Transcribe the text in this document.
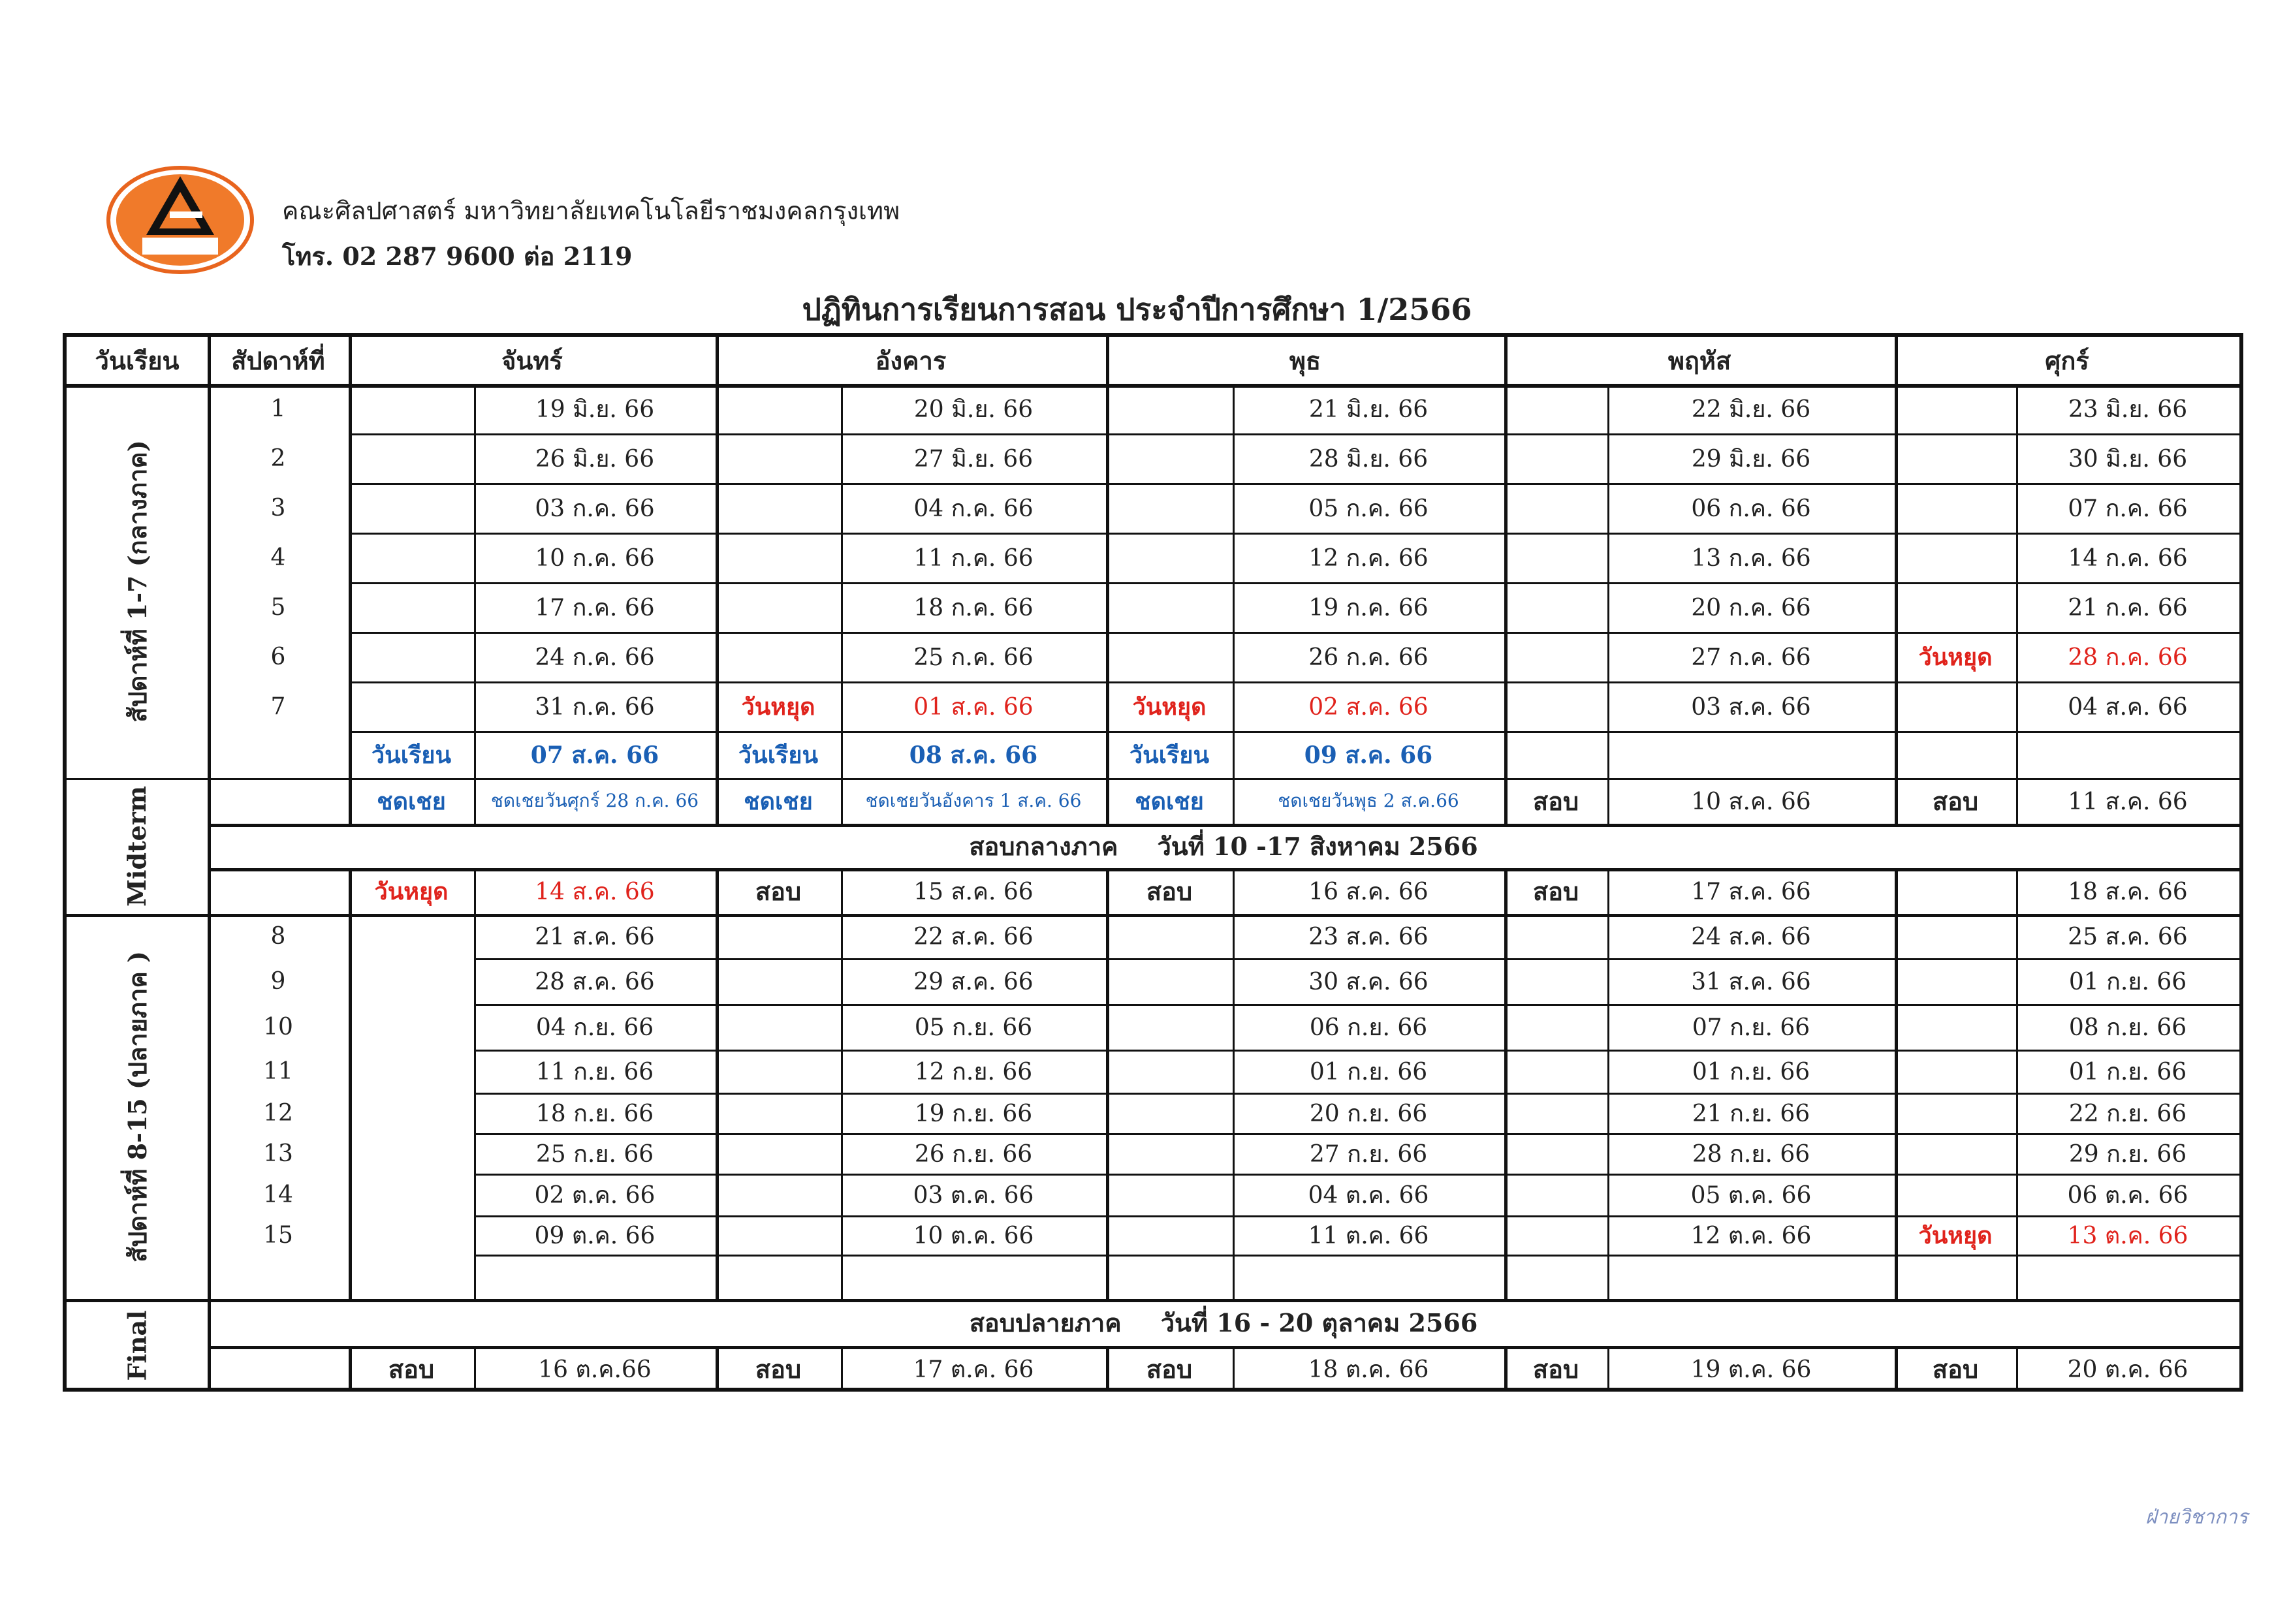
คณะศิลปศาสตร์ มหาวิทยาลัยเทคโนโลยีราชมงคลกรุงเทพ
โทร. 02 287 9600 ต่อ 2119
ปฏิทินการเรียนการสอน ประจำปีการศึกษา 1/2566
วันเรียน	สัปดาห์ที่	จันทร์	อังคาร	พุธ	พฤหัส	ศุกร์
1	19 มิ.ย. 66	20 มิ.ย. 66	21 มิ.ย. 66	22 มิ.ย. 66	23 มิ.ย. 66
2	26 มิ.ย. 66	27 มิ.ย. 66	28 มิ.ย. 66	29 มิ.ย. 66	30 มิ.ย. 66
3	03 ก.ค. 66	04 ก.ค. 66	05 ก.ค. 66	06 ก.ค. 66	07 ก.ค. 66
4	10 ก.ค. 66	11 ก.ค. 66	12 ก.ค. 66	13 ก.ค. 66	14 ก.ค. 66
5	17 ก.ค. 66	18 ก.ค. 66	19 ก.ค. 66	20 ก.ค. 66	21 ก.ค. 66
6	24 ก.ค. 66	25 ก.ค. 66	26 ก.ค. 66	27 ก.ค. 66	วันหยุด	28 ก.ค. 66
7	31 ก.ค. 66	วันหยุด	01 ส.ค. 66	วันหยุด	02 ส.ค. 66	03 ส.ค. 66	04 ส.ค. 66
วันเรียน	07 ส.ค. 66	วันเรียน	08 ส.ค. 66	วันเรียน	09 ส.ค. 66
ชดเชย	ชดเชยวันศุกร์ 28 ก.ค. 66	ชดเชย	ชดเชยวันอังคาร 1 ส.ค. 66	ชดเชย	ชดเชยวันพุธ 2 ส.ค.66	สอบ	10 ส.ค. 66	สอบ	11 ส.ค. 66
สอบกลางภาค วันที่ 10 -17 สิงหาคม 2566
วันหยุด	14 ส.ค. 66	สอบ	15 ส.ค. 66	สอบ	16 ส.ค. 66	สอบ	17 ส.ค. 66	18 ส.ค. 66
8	21 ส.ค. 66	22 ส.ค. 66	23 ส.ค. 66	24 ส.ค. 66	25 ส.ค. 66
9	28 ส.ค. 66	29 ส.ค. 66	30 ส.ค. 66	31 ส.ค. 66	01 ก.ย. 66
10	04 ก.ย. 66	05 ก.ย. 66	06 ก.ย. 66	07 ก.ย. 66	08 ก.ย. 66
11	11 ก.ย. 66	12 ก.ย. 66	01 ก.ย. 66	01 ก.ย. 66	01 ก.ย. 66
12	18 ก.ย. 66	19 ก.ย. 66	20 ก.ย. 66	21 ก.ย. 66	22 ก.ย. 66
13	25 ก.ย. 66	26 ก.ย. 66	27 ก.ย. 66	28 ก.ย. 66	29 ก.ย. 66
14	02 ต.ค. 66	03 ต.ค. 66	04 ต.ค. 66	05 ต.ค. 66	06 ต.ค. 66
15	09 ต.ค. 66	10 ต.ค. 66	11 ต.ค. 66	12 ต.ค. 66	วันหยุด	13 ต.ค. 66
สอบปลายภาค วันที่ 16 - 20 ตุลาคม 2566
สอบ	16 ต.ค.66	สอบ	17 ต.ค. 66	สอบ	18 ต.ค. 66	สอบ	19 ต.ค. 66	สอบ	20 ต.ค. 66
สัปดาห์ที่ 1-7 (กลางภาค)
Midterm
สัปดาห์ที่ 8-15 (ปลายภาค )
Final
ฝ่ายวิชาการ
